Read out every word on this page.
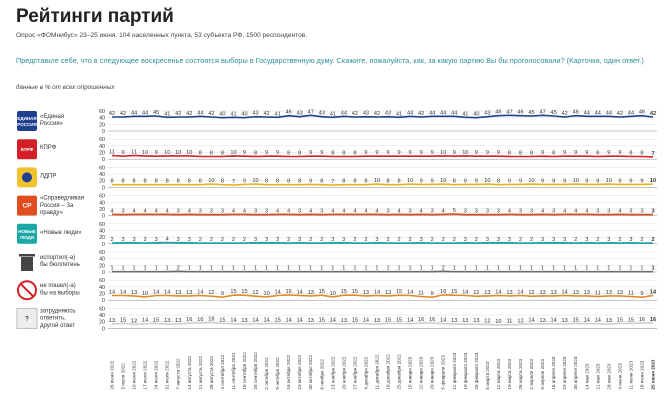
Рейтинги партий
Опрос «ФОМнибус» 23–25 июня. 104 населенных пункта, 53 субъекта РФ. 1500 респондентов.
Представьте себе, что в следующее воскресенье состоятся выборы в Государственную думу. Скажите, пожалуйста, как, за какую партию Вы бы проголосовали? (Карточка, один ответ.)
данные в % от всех опрошенных
ЕДИНАЯ
РОССИЯ
«Единая Россия»
0
20
40
60 42 42 44 44 45 41 42 42 44 42 40 41 40 43 42 41 46 43 47 43 41 44 42 43 42 43 41 44 42 44 44 44 41 40 43 46 47 46 45 47 45 42 46 44 44 44 42 44 46 42
КПРФ КПРФ
0
20
40
60
11 9 11 10 9 10 10 10 8 8 8 10 9 8 9 9 8 8 9 9 8 8 8 9 9 9 9 9 9 9 10 9 10 9 9 9 8 8 8 9 8 9 9 9 8 9 9 8 8 7
ЛДПР
0
20
40
60
8 8 8 8 8 8 8 8 8 10 8 7 9 10 8 8 8 8 9 8 7 8 8 8 10 8 8 10 9 9 10 8 9 9 10 8 9 9 10 9 9 9 10 9 9 10 9 9 9 10
СР
«Справедливая Россия – За правду»
0
20
40
60
4 3 4 4 4 4 3 4 3 3 3 4 4 3 3 4 4 3 4 3 4 4 4 4 4 3 4 3 4 3 4 5 3 3 3 3 4 3 3 4 3 4 4 4 3 3 4 3 3 3
НОВЫЕ
ЛЮДИ
«Новые люди»
0
20
40
60
2 3 3 2 3 4 3 3 2 2 2 2 2 3 3 3 2 3 2 2 3 3 2 2 3 2 2 2 3 2 2 2 3 2 3 3 3 2 2 3 3 3 2 3 2 3 2 3 2 2
испортил(-а) бы бюллетень
0
20
40
60
1 1 1 1 1 1 2 1 1 1 1 1 1 1 1 1 1 1 1 1 1 1 1 1 1 1 1 1 1 1 2 1 1 1 1 1 1 1 1 1 1 1 1 1 1 1 1 1 1 1
не пошел(-а) бы на выборы
0
20
40
60
14 14 13 10 14 14 13 13 14 12 9 15 15 12 10 14 16 14 13 15 10 15 15 13 14 13 15 14 11 9 16 15 14 12 13 14 13 14 12 13 13 14 13 13 11 13 13 11 9 14
?
затрудняюсь ответить, другой ответ
0
20
40
60
13 15 12 14 15 13 13 16 16 18 15 14 13 14 14 15 14 14 13 15 14 13 15 14 13 15 15 14 16 16 14 13 13 13 12 10 11 12 14 13 14 13 15 14 14 13 15 15 16 16
26 июня 2022 3 июля 2022 10 июля 2022 17 июля 2022 24 июля 2022 31 июля 2022 7 августа 2022 14 августа 2022 21 августа 2022 28 августа 2022 4 сентября 2022 11 сентября 2022 18 сентября 2022 25 сентября 2022 2 октября 2022 9 октября 2022 16 октября 2022 23 октября 2022 30 октября 2022 6 ноября 2022 13 ноября 2022 20 ноября 2022 27 ноября 2022 4 декабря 2022 11 декабря 2022 18 декабря 2022 25 декабря 2022 15 января 2023 22 января 2023 29 января 2023 5 февраля 2023 12 февраля 2023 19 февраля 2023 26 февраля 2023 5 марта 2023 12 марта 2023 19 марта 2023 26 марта 2023 2 апреля 2023 9 апреля 2023 16 апреля 2023 23 апреля 2023 30 апреля 2023 14 мая 2023 21 мая 2023 28 мая 2023 4 июня 2023 11 июня 2023 18 июня 2023 25 июня 2023
